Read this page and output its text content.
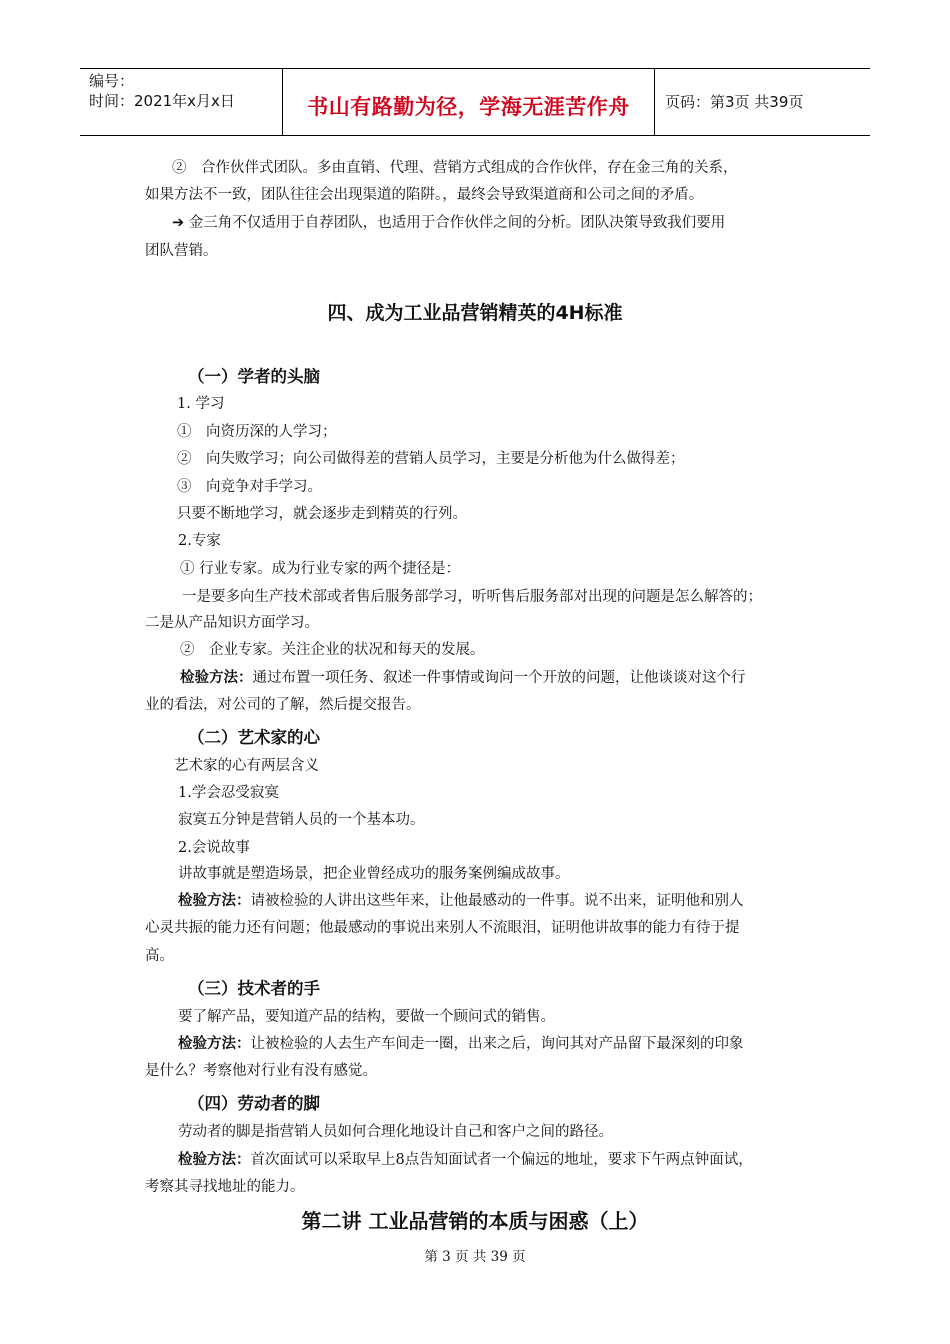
编号：
时间：2021年x月x日	书山有路勤为径，学海无涯苦作舟	页码：第3页 共39页
②　合作伙伴式团队。多由直销、代理、营销方式组成的合作伙伴，存在金三角的关系，
如果方法不一致，团队往往会出现渠道的陷阱。，最终会导致渠道商和公司之间的矛盾。
➔ 金三角不仅适用于自荐团队，也适用于合作伙伴之间的分析。团队决策导致我们要用
团队营销。
四、成为工业品营销精英的4H标准
（一）学者的头脑
1. 学习
①　向资历深的人学习；
②　向失败学习；向公司做得差的营销人员学习，主要是分析他为什么做得差；
③　向竞争对手学习。
只要不断地学习，就会逐步走到精英的行列。
2.专家
① 行业专家。成为行业专家的两个捷径是：
一是要多向生产技术部或者售后服务部学习，听听售后服务部对出现的问题是怎么解答的；
二是从产品知识方面学习。
②　企业专家。关注企业的状况和每天的发展。
检验方法：通过布置一项任务、叙述一件事情或询问一个开放的问题，让他谈谈对这个行
业的看法，对公司的了解，然后提交报告。
（二）艺术家的心
艺术家的心有两层含义
1.学会忍受寂寞
寂寞五分钟是营销人员的一个基本功。
2.会说故事
讲故事就是塑造场景，把企业曾经成功的服务案例编成故事。
检验方法：请被检验的人讲出这些年来，让他最感动的一件事。说不出来，证明他和别人
心灵共振的能力还有问题；他最感动的事说出来别人不流眼泪，证明他讲故事的能力有待于提
高。
（三）技术者的手
要了解产品，要知道产品的结构，要做一个顾问式的销售。
检验方法：让被检验的人去生产车间走一圈，出来之后，询问其对产品留下最深刻的印象
是什么？考察他对行业有没有感觉。
（四）劳动者的脚
劳动者的脚是指营销人员如何合理化地设计自己和客户之间的路径。
检验方法：首次面试可以采取早上8点告知面试者一个偏远的地址，要求下午两点钟面试，
考察其寻找地址的能力。
第二讲 工业品营销的本质与困惑（上）
第 3 页 共 39 页
